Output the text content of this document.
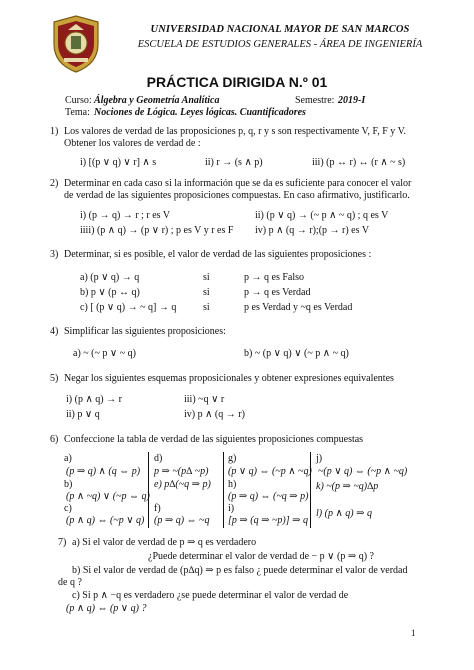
UNIVERSIDAD NACIONAL MAYOR DE SAN MARCOS
ESCUELA DE ESTUDIOS GENERALES - ÁREA DE INGENIERÍA
PRÁCTICA DIRIGIDA N.º 01
Curso: Álgebra y Geometría Analítica	Semestre: 2019-I
Tema: Nociones de Lógica. Leyes lógicas. Cuantificadores
1) Los valores de verdad de las proposiciones p, q, r y s son respectivamente V, F, F y V.
Obtener los valores de verdad de :
i) [(p ∨ q) ∨ r] ∧ s	ii) r → (s ∧ p)	iii) (p ↔ r) ↔ (r ∧ ~ s)
2) Determinar en cada caso si la información que se da es suficiente para conocer el valor
de verdad de las siguientes proposiciones compuestas. En caso afirmativo, justificarlo.
i) (p → q) → r ; r es V	ii) (p ∨ q) → (~ p ∧ ~ q) ; q es V
iiii) (p ∧ q) → (p ∨ r) ; p es V y r es F iv) p ∧ (q → r);(p → r) es V
3) Determinar, si es posible, el valor de verdad de las siguientes proposiciones :
a) (p ∨ q) → q	si	p → q es Falso
b) p ∨ (p ↔ q)	si	p → q es Verdad
c) [ (p ∨ q) → ~ q] → q	si	p es Verdad y ~q es Verdad
4) Simplificar las siguientes proposiciones:
a) ~ (~ p ∨ ~ q)	b) ~ (p ∨ q) ∨ (~ p ∧ ~ q)
5) Negar los siguientes esquemas proposicionales y obtener expresiones equivalentes
i) (p ∧ q) → r	iii) ~q ∨ r
ii) p ∨ q	iv) p ∧ (q → r)
6) Confeccione la tabla de verdad de las siguientes proposiciones compuestas
a)
(p ⇒ q) ∧ (q ⇔ p)
b)
(p ∧ ~q) ∨ (~p ⇔ q)
c)
(p ∧ q) ⇔ (~p ∨ q)
d)
p ⇒ ~(p∆ ~p)
e) p∆(~q ⇒ p)
f)
(p ⇒ q) ⇔ ~q
g)
(p ∨ q) ⇔ (~p ∧ ~q)
h)
(p ⇒ q) ⇔ (~q ⇒ p)
i)
[p ⇒ (q ⇒ ~p)] ⇒ q
j)
~(p ∨ q) ⇔ (~p ∧ ~q)
k) ~(p ⇒ ~q)∆p
l) (p ∧ q) ⇒ q
7) a) Si el valor de verdad de p ⇒ q es verdadero
¿Puede determinar el valor de verdad de − p ∨ (p ⇒ q) ?
b) Si el valor de verdad de (p∆q) ⇒ p es falso ¿ puede determinar el valor de verdad
de q ?
c) Si p ∧ −q es verdadero ¿se puede determinar el valor de verdad de
(p ∧ q) ⇔ (p ∨ q) ?
1
